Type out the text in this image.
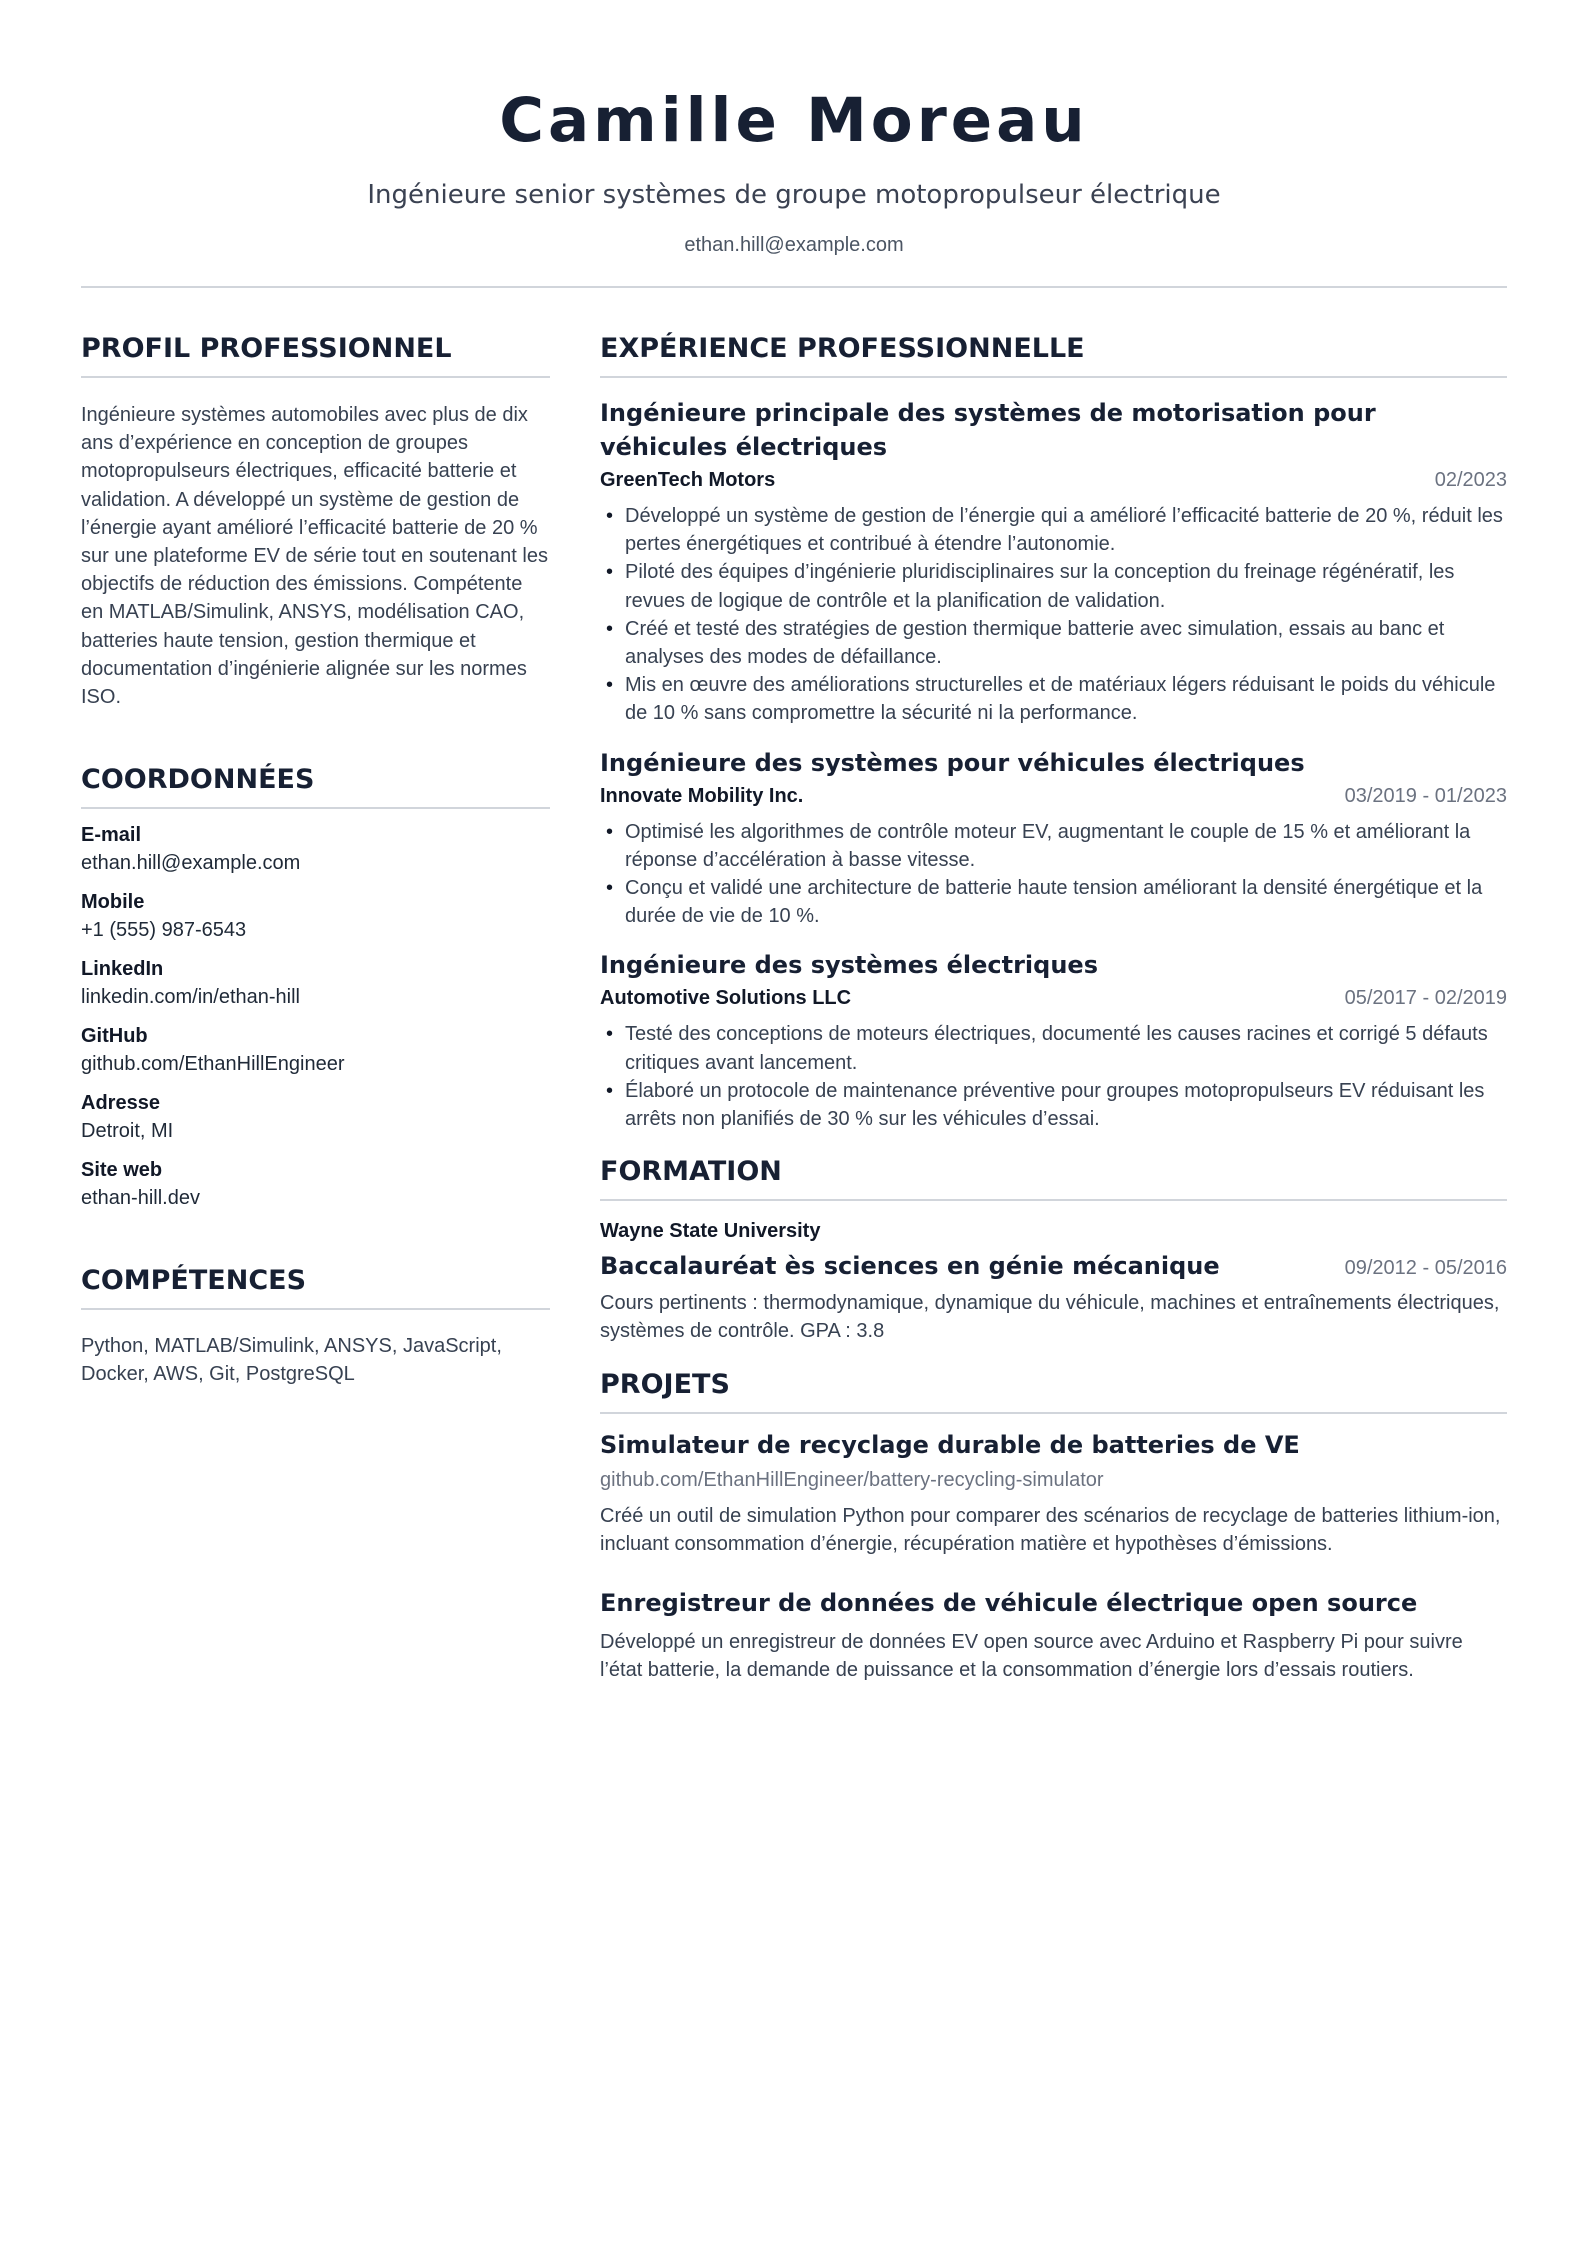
Camille Moreau
Ingénieure senior systèmes de groupe motopropulseur électrique
ethan.hill@example.com
PROFIL PROFESSIONNEL
Ingénieure systèmes automobiles avec plus de dix ans d’expérience en conception de groupes motopropulseurs électriques, efficacité batterie et validation. A développé un système de gestion de l’énergie ayant amélioré l’efficacité batterie de 20 % sur une plateforme EV de série tout en soutenant les objectifs de réduction des émissions. Compétente en MATLAB/Simulink, ANSYS, modélisation CAO, batteries haute tension, gestion thermique et documentation d’ingénierie alignée sur les normes ISO.
COORDONNÉES
E-mail
ethan.hill@example.com
Mobile
+1 (555) 987-6543
LinkedIn
linkedin.com/in/ethan-hill
GitHub
github.com/EthanHillEngineer
Adresse
Detroit, MI
Site web
ethan-hill.dev
COMPÉTENCES
Python, MATLAB/Simulink, ANSYS, JavaScript, Docker, AWS, Git, PostgreSQL
EXPÉRIENCE PROFESSIONNELLE
Ingénieure principale des systèmes de motorisation pour véhicules électriques
GreenTech Motors	02/2023
• Développé un système de gestion de l’énergie qui a amélioré l’efficacité batterie de 20 %, réduit les pertes énergétiques et contribué à étendre l’autonomie.
• Piloté des équipes d’ingénierie pluridisciplinaires sur la conception du freinage régénératif, les revues de logique de contrôle et la planification de validation.
• Créé et testé des stratégies de gestion thermique batterie avec simulation, essais au banc et analyses des modes de défaillance.
• Mis en œuvre des améliorations structurelles et de matériaux légers réduisant le poids du véhicule de 10 % sans compromettre la sécurité ni la performance.
Ingénieure des systèmes pour véhicules électriques
Innovate Mobility Inc.	03/2019 - 01/2023
• Optimisé les algorithmes de contrôle moteur EV, augmentant le couple de 15 % et améliorant la réponse d’accélération à basse vitesse.
• Conçu et validé une architecture de batterie haute tension améliorant la densité énergétique et la durée de vie de 10 %.
Ingénieure des systèmes électriques
Automotive Solutions LLC	05/2017 - 02/2019
• Testé des conceptions de moteurs électriques, documenté les causes racines et corrigé 5 défauts critiques avant lancement.
• Élaboré un protocole de maintenance préventive pour groupes motopropulseurs EV réduisant les arrêts non planifiés de 30 % sur les véhicules d’essai.
FORMATION
Wayne State University
Baccalauréat ès sciences en génie mécanique	09/2012 - 05/2016
Cours pertinents : thermodynamique, dynamique du véhicule, machines et entraînements électriques, systèmes de contrôle. GPA : 3.8
PROJETS
Simulateur de recyclage durable de batteries de VE
github.com/EthanHillEngineer/battery-recycling-simulator
Créé un outil de simulation Python pour comparer des scénarios de recyclage de batteries lithium-ion, incluant consommation d’énergie, récupération matière et hypothèses d’émissions.
Enregistreur de données de véhicule électrique open source
Développé un enregistreur de données EV open source avec Arduino et Raspberry Pi pour suivre l’état batterie, la demande de puissance et la consommation d’énergie lors d’essais routiers.
